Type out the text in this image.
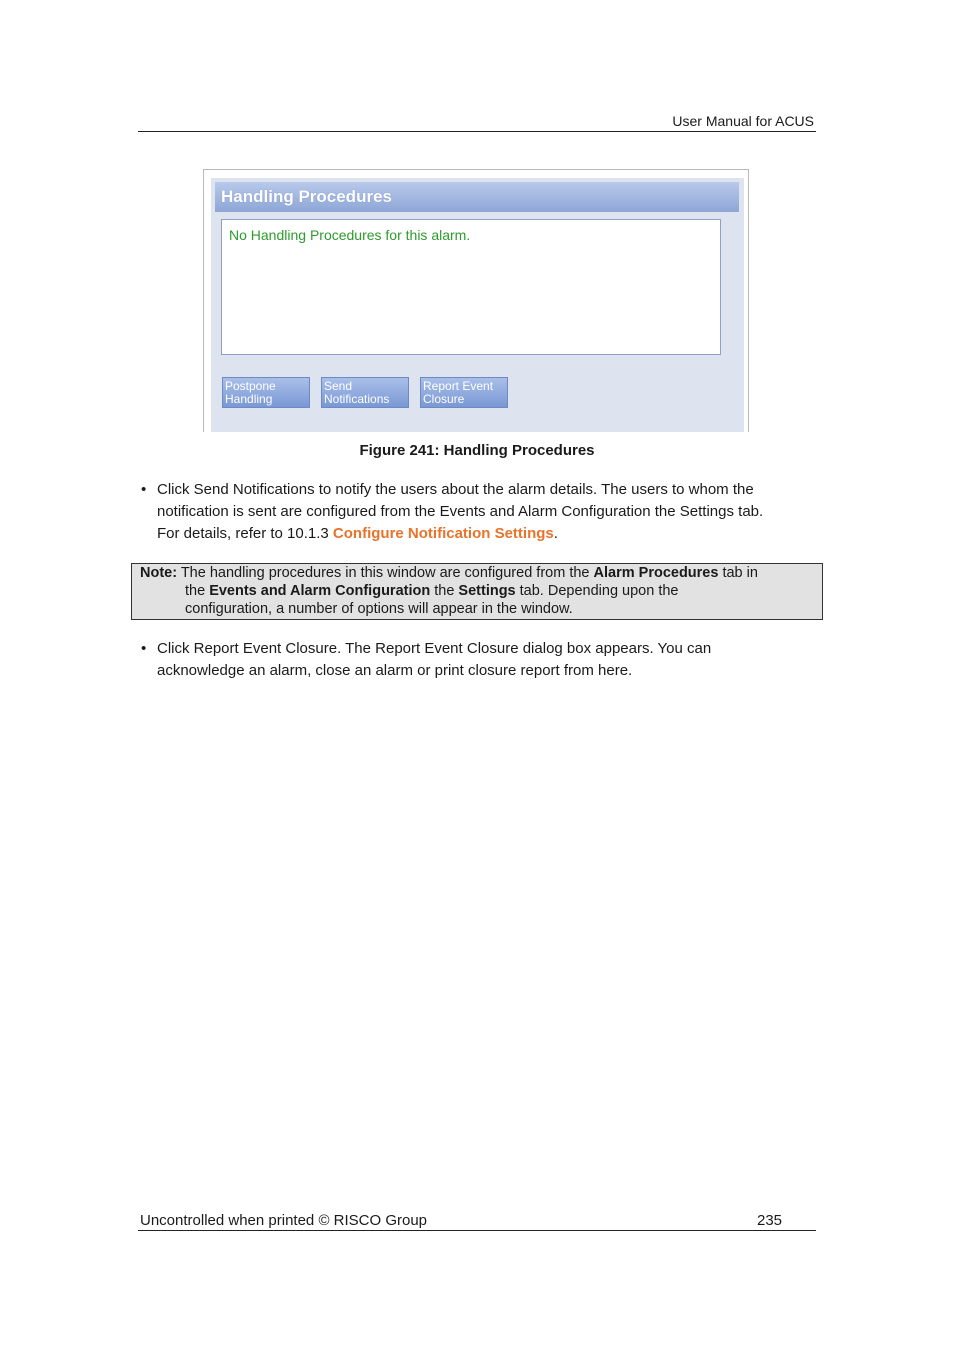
User Manual for ACUS
Handling Procedures
No Handling Procedures for this alarm.
Postpone
Handling
Send
Notifications
Report Event
Closure
Figure 241: Handling Procedures
• Click Send Notifications to notify the users about the alarm details. The users to whom the
notification is sent are configured from the Events and Alarm Configuration the Settings tab.
For details, refer to 10.1.3 Configure Notification Settings.
Note: The handling procedures in this window are configured from the Alarm Procedures tab in
the Events and Alarm Configuration the Settings tab. Depending upon the
configuration, a number of options will appear in the window.
• Click Report Event Closure. The Report Event Closure dialog box appears. You can
acknowledge an alarm, close an alarm or print closure report from here.
Uncontrolled when printed © RISCO Group	235
